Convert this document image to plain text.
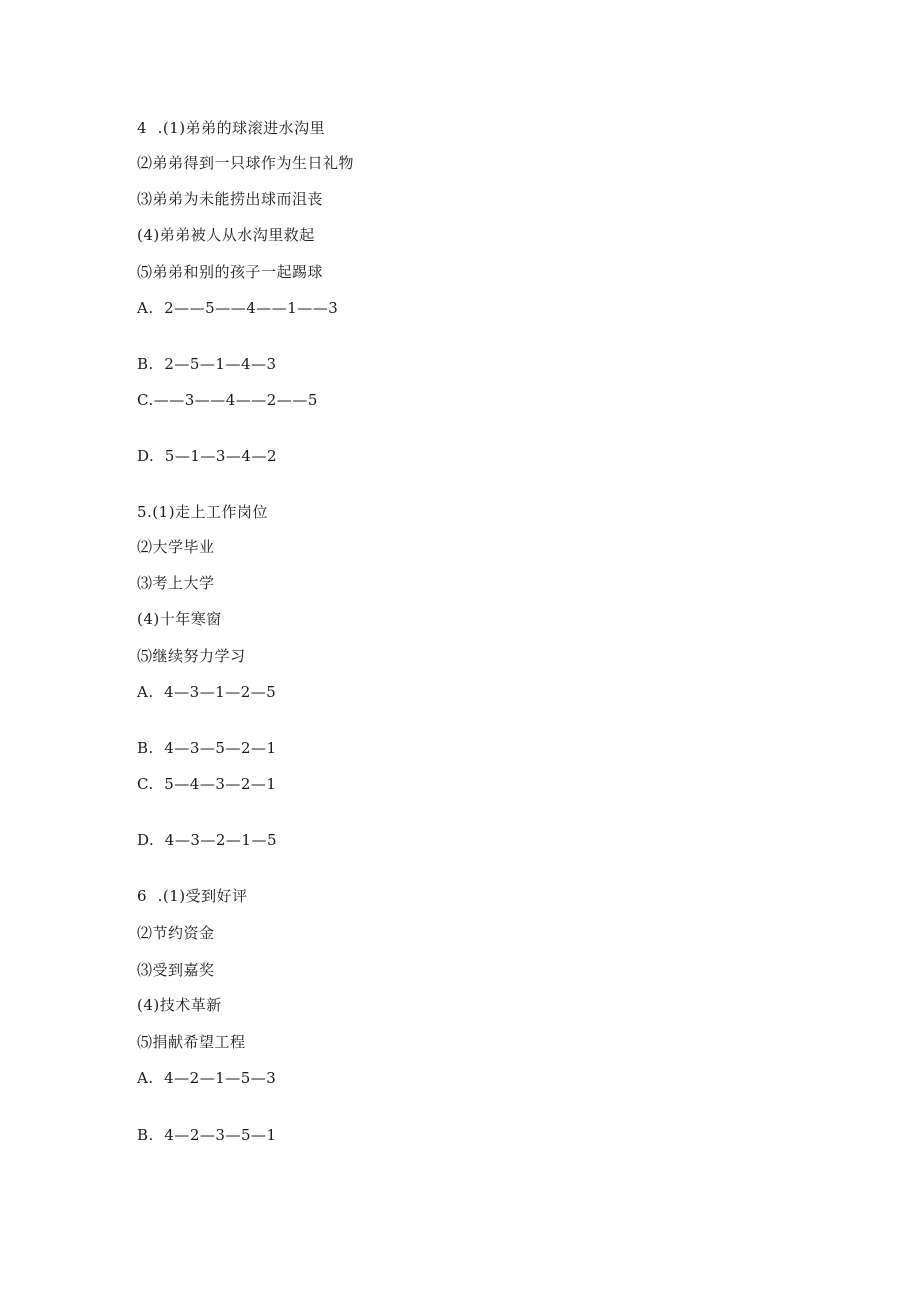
4  .(1)弟弟的球滚进水沟里
⑵弟弟得到一只球作为生日礼物
⑶弟弟为未能捞出球而沮丧
(4)弟弟被人从水沟里救起
⑸弟弟和别的孩子一起踢球
A.  2——5——4——1——3
B.  2—5—1—4—3
C.——3——4——2——5
D.  5—1—3—4—2
5.(1)走上工作岗位
⑵大学毕业
⑶考上大学
(4)十年寒窗
⑸继续努力学习
A.  4—3—1—2—5
B.  4—3—5—2—1
C.  5—4—3—2—1
D.  4—3—2—1—5
6  .(1)受到好评
⑵节约资金
⑶受到嘉奖
(4)技术革新
⑸捐献希望工程
A.  4—2—1—5—3
B.  4—2—3—5—1
